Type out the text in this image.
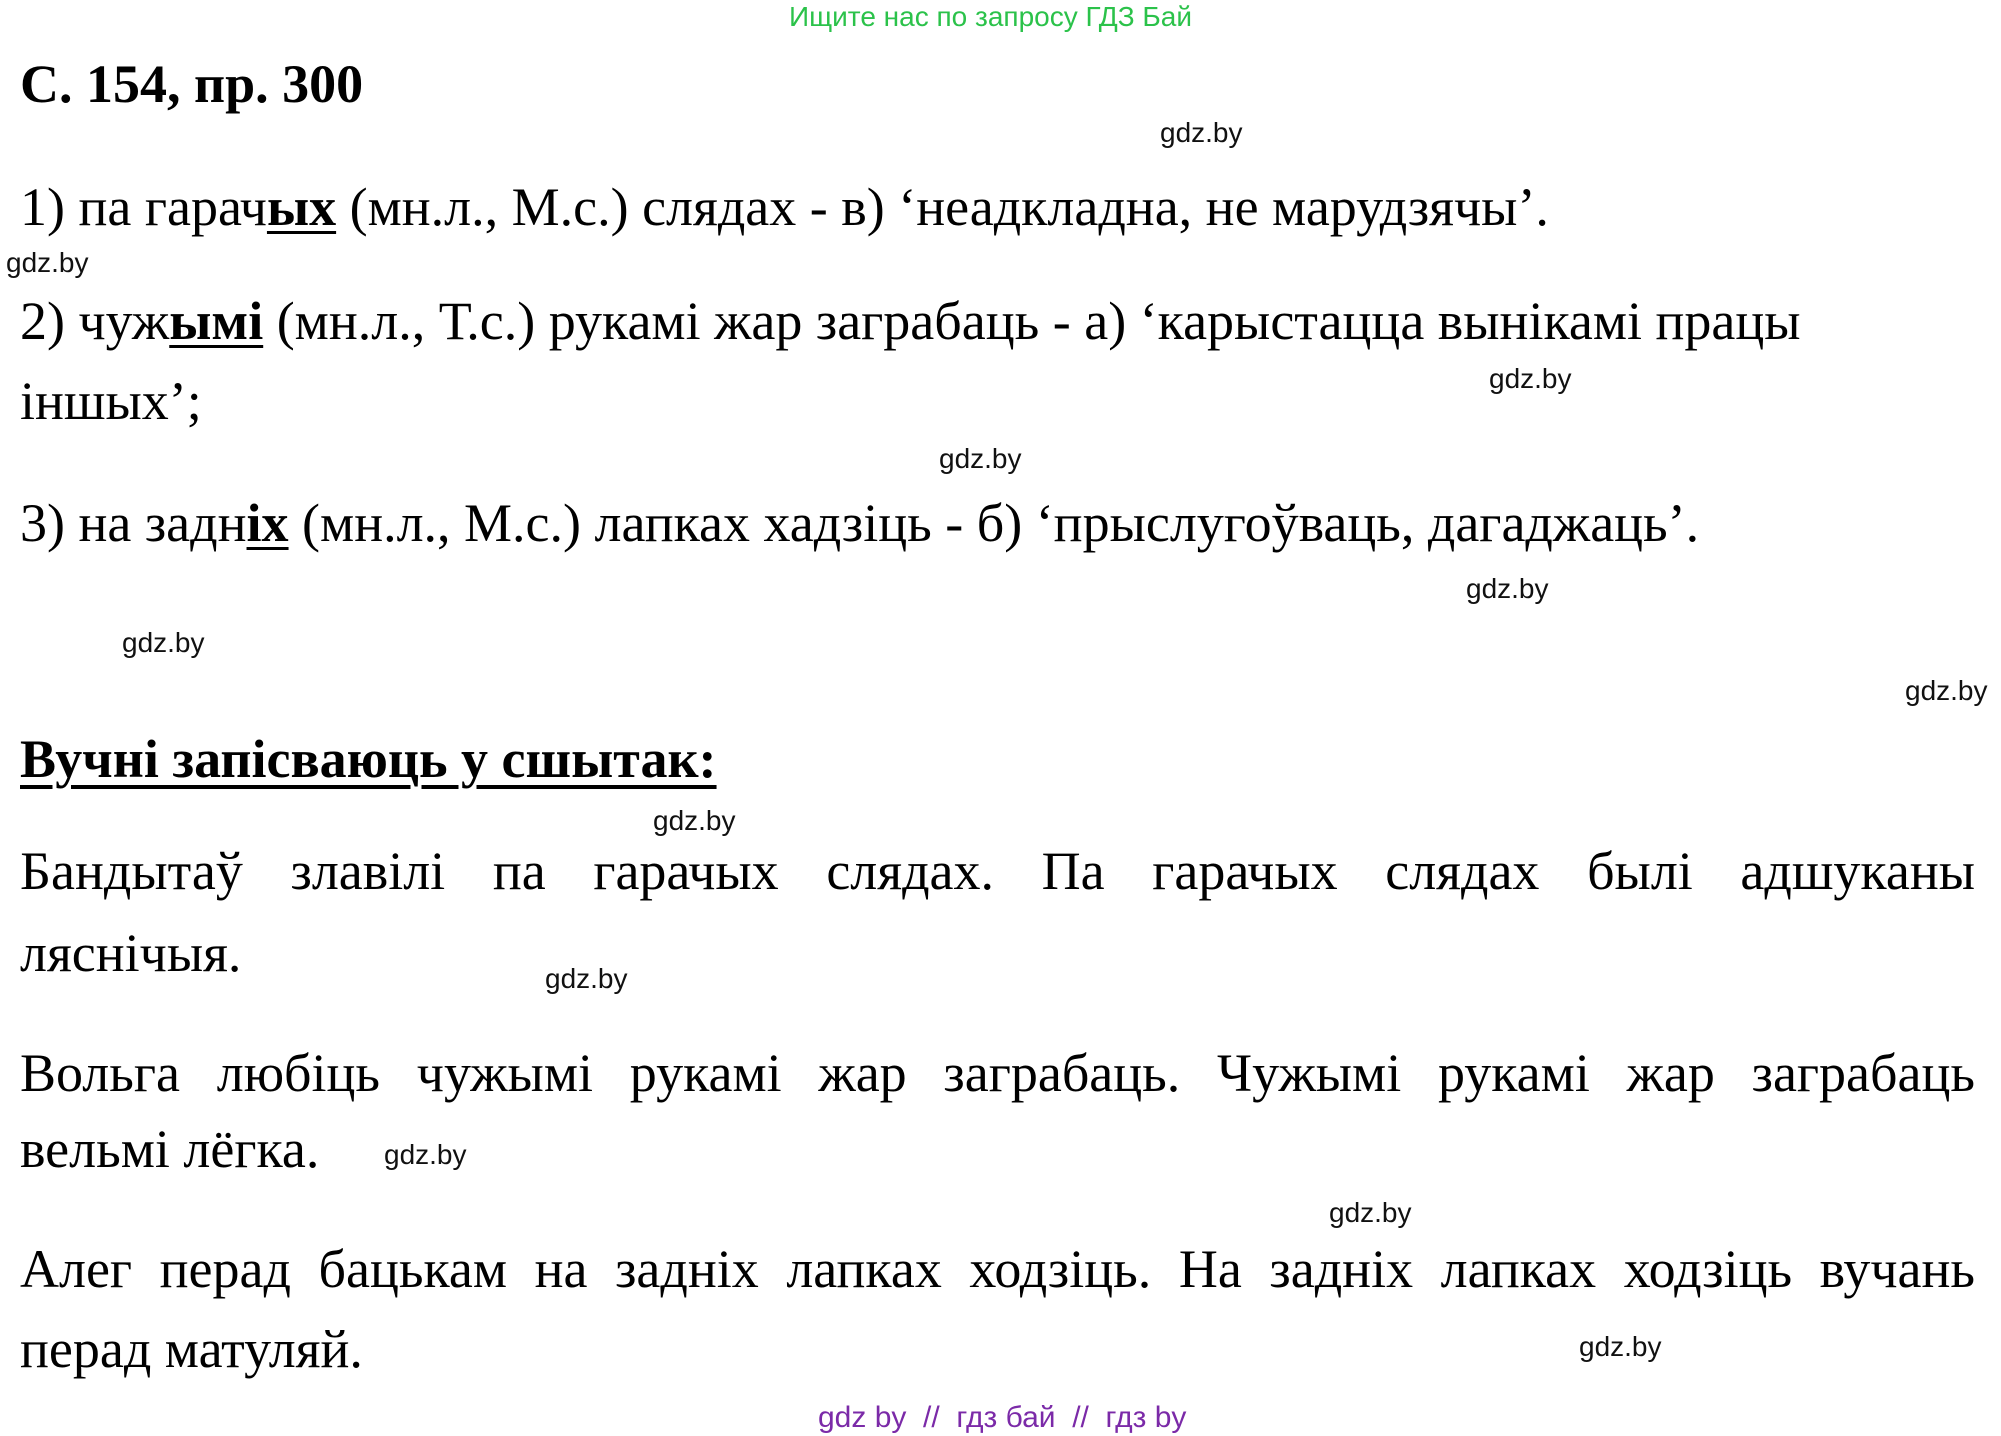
Ищите нас по запросу ГДЗ Бай
С. 154, пр. 300
1) па гарачых (мн.л., М.с.) слядах - в) ‘неадкладна, не марудзячы’.
2) чужымі (мн.л., Т.с.) рукамі жар заграбаць - а) ‘карыстацца вынікамі працы
іншых’;
3) на задніх (мн.л., М.с.) лапках хадзіць - б) ‘прыслугоўваць, дагаджаць’.
Вучні запісваюць у сшытак:
Бандытаў злавілі па гарачых слядах. Па гарачых слядах былі адшуканы
ляснічыя.
Вольга любіць чужымі рукамі жар заграбаць. Чужымі рукамі жар заграбаць
вельмі лёгка.
Алег перад бацькам на задніх лапках ходзіць. На задніх лапках ходзіць вучань
перад матуляй.
gdz.by
gdz.by
gdz.by
gdz.by
gdz.by
gdz.by
gdz.by
gdz.by
gdz.by
gdz.by
gdz.by
gdz.by
gdz by  //  гдз бай  //  гдз by
